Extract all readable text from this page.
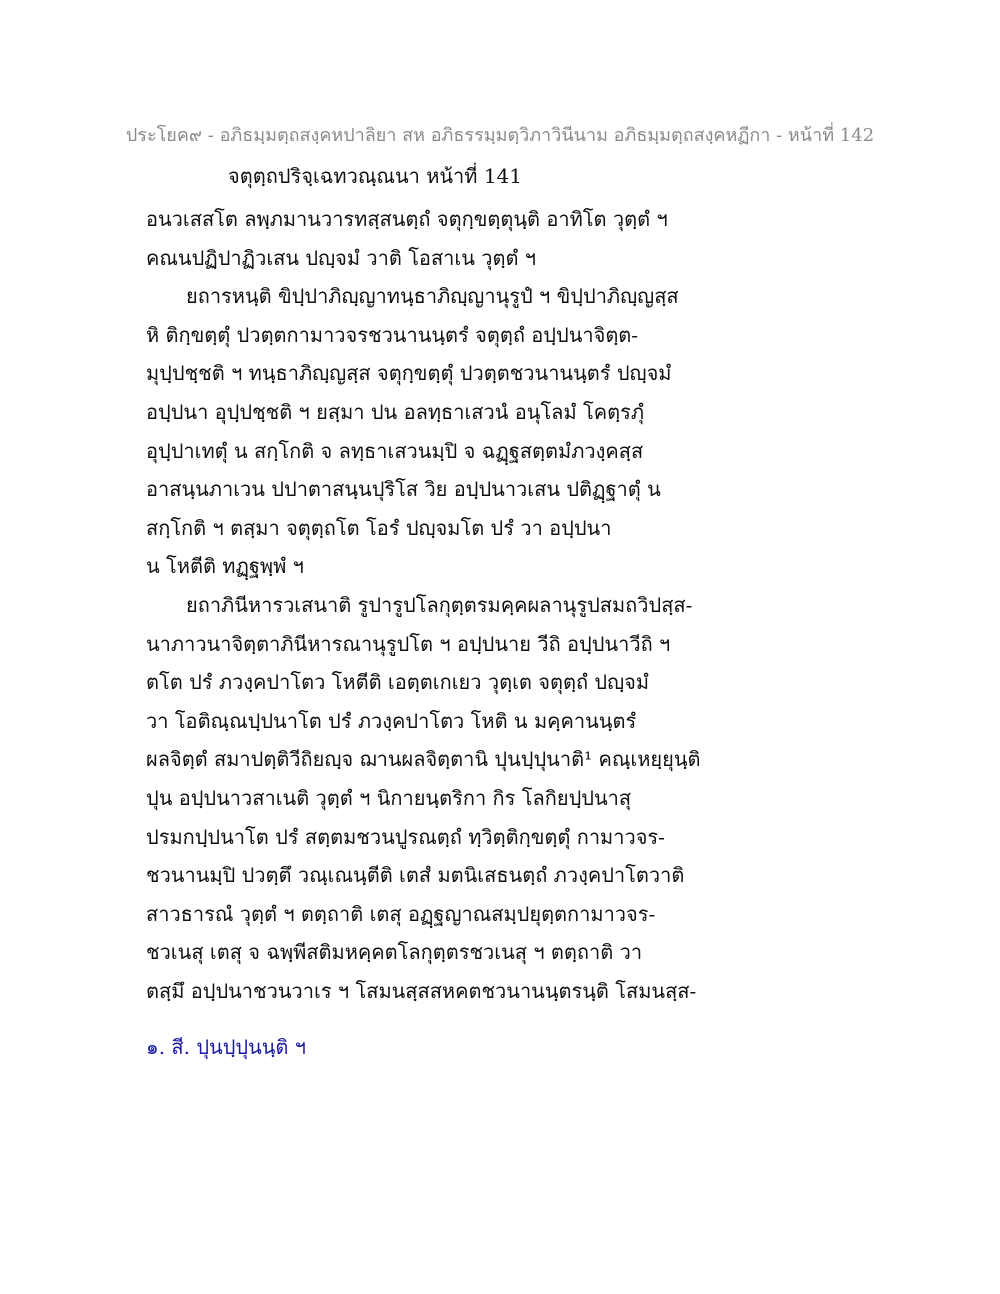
ประโยค๙ - อภิธมฺมตฺถสงฺคหปาลิยา สห อภิธรรมฺมตฺวิภาวินีนาม อภิธมฺมตฺถสงฺคหฏีกา - หน้าที่ 142
จตุตฺถปริจฺเฉทวณฺณนา หน้าที่ 141
อนวเสสโต ลพฺภมานวารทสฺสนตฺถํ จตุกฺขตฺตุนฺติ อาทิโต วุตฺตํ ฯ
คณนปฏิปาฏิวเสน ปญฺจมํ วาติ โอสาเน วุตฺตํ ฯ
ยถารหนฺติ ขิปฺปาภิญฺญาทนฺธาภิญฺญานุรูปํ ฯ ขิปฺปาภิญฺญสฺส
หิ ติกฺขตฺตุํ ปวตฺตกามาวจรชวนานนฺตรํ จตุตฺถํ อปฺปนาจิตฺต-
มุปฺปชฺชติ ฯ ทนฺธาภิญฺญสฺส จตุกฺขตฺตุํ ปวตฺตชวนานนฺตรํ ปญฺจมํ
อปฺปนา อุปฺปชฺชติ ฯ ยสฺมา ปน อลทฺธาเสวนํ อนุโลมํ โคตฺรภุํ
อุปฺปาเทตุํ น สกฺโกติ จ ลทฺธาเสวนมฺปิ จ ฉฏฺฐสตฺตมํภวงฺคสฺส
อาสนฺนภาเวน ปปาตาสนฺนปุริโส วิย อปฺปนาวเสน ปติฏฺฐาตุํ น
สกฺโกติ ฯ ตสฺมา จตุตฺถโต โอรํ ปญฺจมโต ปรํ วา อปฺปนา
น โหตีติ ทฏฺฐพฺพํ ฯ
ยถาภินีหารวเสนาติ รูปารูปโลกุตฺตรมคฺคผลานุรูปสมถวิปสฺส-
นาภาวนาจิตฺตาภินีหารณานุรูปโต ฯ อปฺปนาย วีถิ อปฺปนาวีถิ ฯ
ตโต ปรํ ภวงฺคปาโตว โหตีติ เอตฺตเกเยว วุตฺเต จตุตฺถํ ปญฺจมํ
วา โอติณฺณปฺปนาโต ปรํ ภวงฺคปาโตว โหติ น มคฺคานนฺตรํ
ผลจิตฺตํ สมาปตฺติวีถิยญฺจ ฌานผลจิตฺตานิ ปุนปฺปุนาติ¹ คณฺเหยฺยุนฺติ
ปุน อปฺปนาวสาเนติ วุตฺตํ ฯ นิกายนฺตริกา กิร โลกิยปฺปนาสุ
ปรมกปฺปนาโต ปรํ สตฺตมชวนปูรณตฺถํ ทฺวิตฺติกฺขตฺตุํ กามาวจร-
ชวนานมฺปิ ปวตฺตึ วณฺเณนฺตีติ เตสํ มตนิเสธนตฺถํ ภวงฺคปาโตวาติ
สาวธารณํ วุตฺตํ ฯ ตตฺถาติ เตสุ อฏฺฐญาณสมฺปยุตฺตกามาวจร-
ชวเนสุ เตสุ จ ฉพฺพีสติมหคฺคตโลกุตฺตรชวเนสุ ฯ ตตฺถาติ วา
ตสฺมึ อปฺปนาชวนวาเร ฯ โสมนสฺสสหคตชวนานนฺตรนฺติ โสมนสฺส-
๑. สี. ปุนปฺปุนนฺติ ฯ
